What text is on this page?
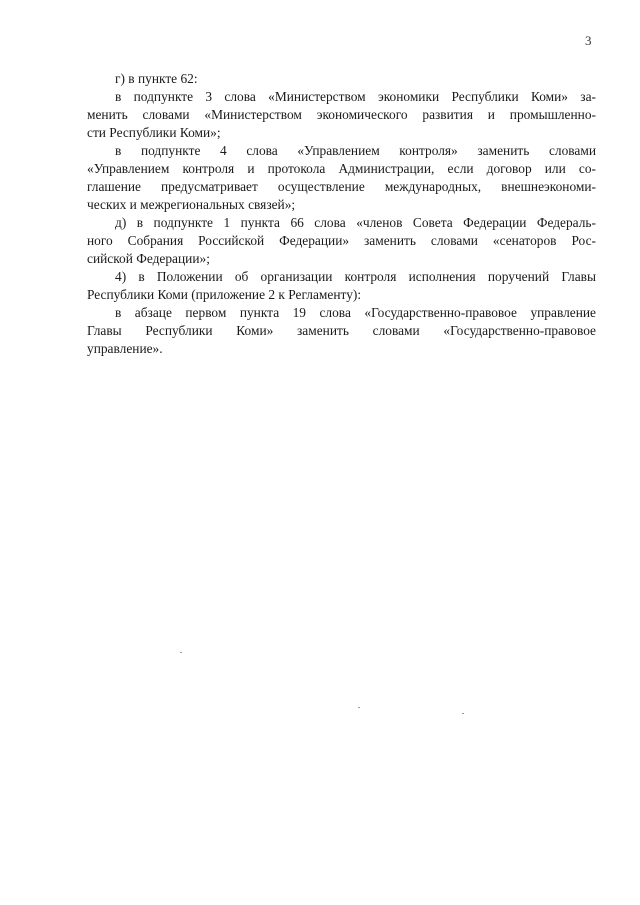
3
г) в пункте 62:
в подпункте 3 слова «Министерством экономики Республики Коми» за-
менить словами «Министерством экономического развития и промышленно-
сти Республики Коми»;
в подпункте 4 слова «Управлением контроля» заменить словами
«Управлением контроля и протокола Администрации, если договор или со-
глашение предусматривает осуществление международных, внешнеэкономи-
ческих и межрегиональных связей»;
д) в подпункте 1 пункта 66 слова «членов Совета Федерации Федераль-
ного Собрания Российской Федерации» заменить словами «сенаторов Рос-
сийской Федерации»;
4) в Положении об организации контроля исполнения поручений Главы
Республики Коми (приложение 2 к Регламенту):
в абзаце первом пункта 19 слова «Государственно-правовое управление
Главы Республики Коми» заменить словами «Государственно-правовое
управление».
